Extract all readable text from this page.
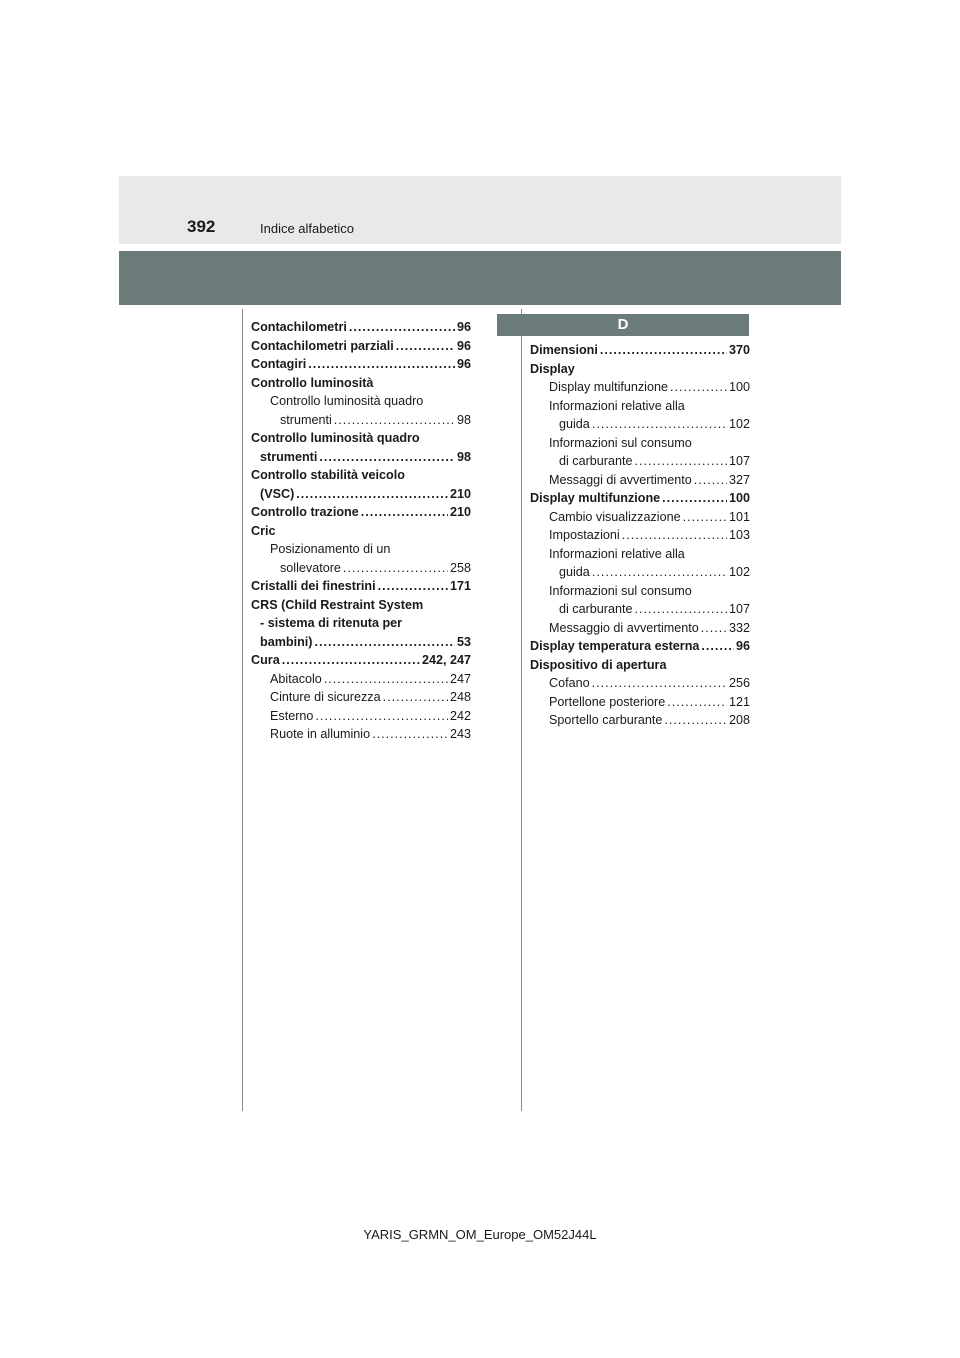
392	Indice alfabetico
Contachilometri .....	96
Contachilometri parziali .....	96
Contagiri .....	96
Controllo luminosità
Controllo luminosità quadro
strumenti .....	98
Controllo luminosità quadro
strumenti .....	98
Controllo stabilità veicolo
(VSC) .....	210
Controllo trazione .....	210
Cric
Posizionamento di un
sollevatore .....	258
Cristalli dei finestrini .....	171
CRS (Child Restraint System
- sistema di ritenuta per
bambini) .....	53
Cura .....	242, 247
Abitacolo .....	247
Cinture di sicurezza .....	248
Esterno .....	242
Ruote in alluminio .....	243
D
Dimensioni .....	370
Display
Display multifunzione .....	100
Informazioni relative alla
guida .....	102
Informazioni sul consumo
di carburante .....	107
Messaggi di avvertimento .....	327
Display multifunzione .....	100
Cambio visualizzazione .....	101
Impostazioni .....	103
Informazioni relative alla
guida .....	102
Informazioni sul consumo
di carburante .....	107
Messaggio di avvertimento ..... 332
Display temperatura esterna .....	96
Dispositivo di apertura
Cofano .....	256
Portellone posteriore .....	121
Sportello carburante .....	208
YARIS_GRMN_OM_Europe_OM52J44L
